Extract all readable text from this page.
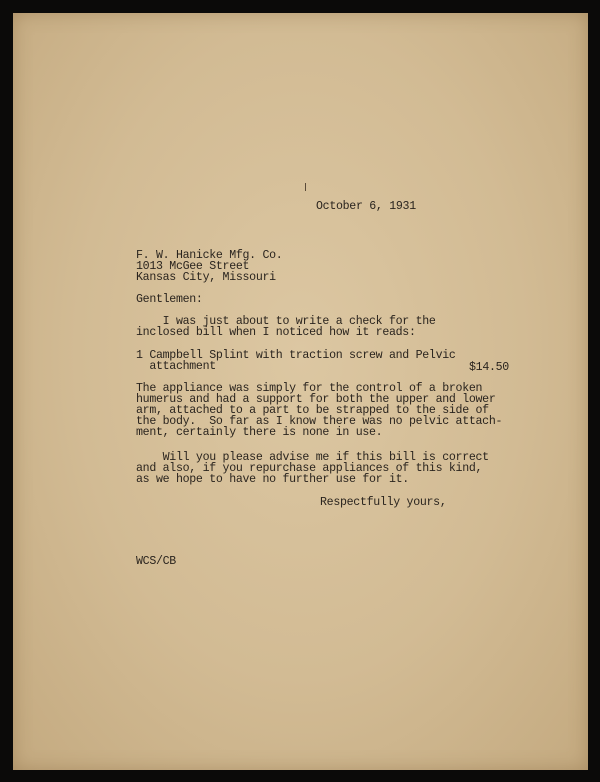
October 6, 1931

F. W. Hanicke Mfg. Co.

1013 McGee Street

Kansas City, Missouri

Gentlemen:

I was just about to write a check for the

inclosed bill when I noticed how it reads:

1 Campbell Splint with traction screw and Pelvic

attachment	$14.50

The appliance was simply for the control of a broken

humerus and had a support for both the upper and lower

arm, attached to a part to be strapped to the side of

the body.  So far as I know there was no pelvic attach-

ment, certainly there is none in use.

Will you please advise me if this bill is correct

and also, if you repurchase appliances of this kind,

as we hope to have no further use for it.

Respectfully yours,

WCS/CB
